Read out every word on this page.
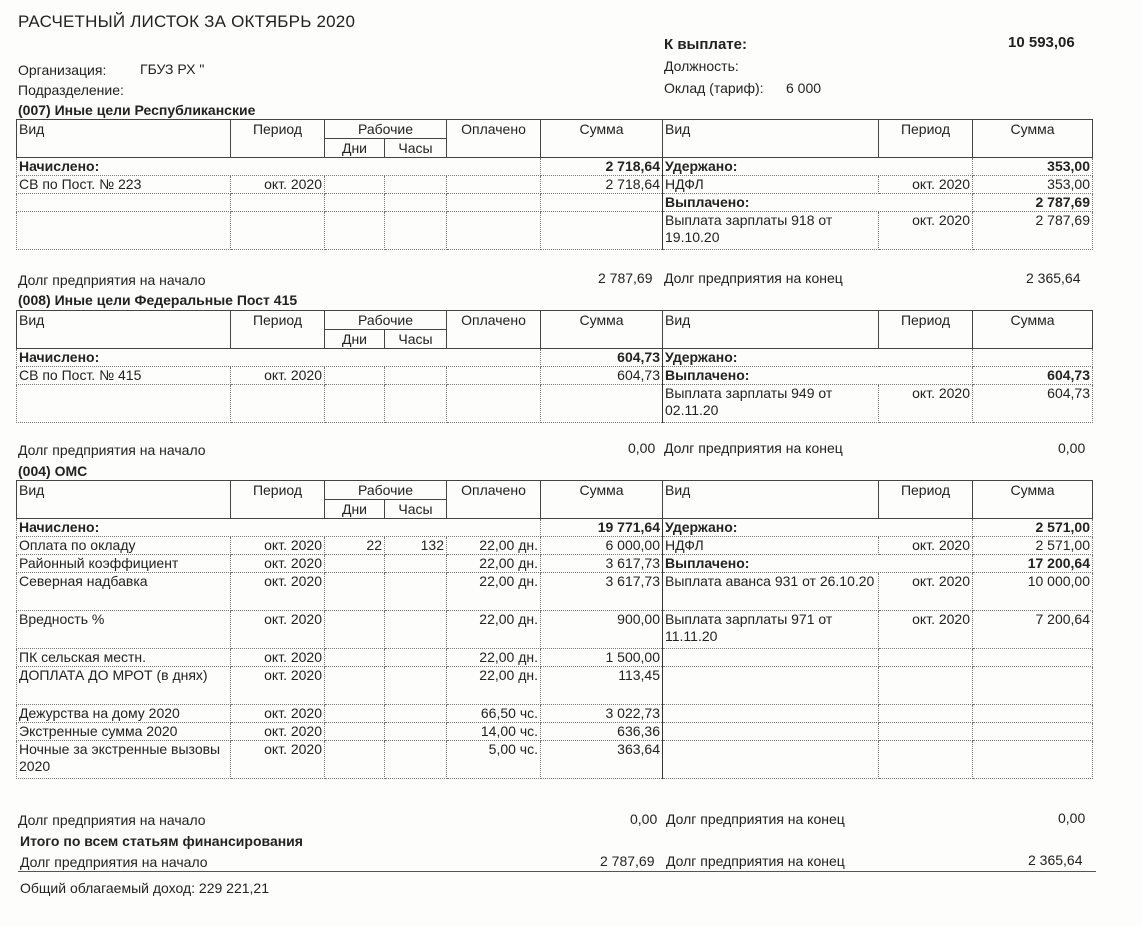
РАСЧЕТНЫЙ ЛИСТОК ЗА ОКТЯБРЬ 2020
К выплате:	10 593,06
Организация: ГБУЗ РХ "
Подразделение:
Должность:
Оклад (тариф): 6 000
(007) Иные цели Республиканские
Вид	Период	Рабочие		Оплачено	Сумма	Вид	Период	Сумма
		Дни	Часы					
Начислено:					2 718,64	Удержано:		353,00
СВ по Пост. № 223	окт. 2020				2 718,64	НДФЛ	окт. 2020	353,00
						Выплачено:		2 787,69
						Выплата зарплаты 918 от 19.10.20	окт. 2020	2 787,69
Долг предприятия на начало	2 787,69 Долг предприятия на конец	2 365,64
(008) Иные цели Федеральные Пост 415
Вид	Период	Рабочие		Оплачено	Сумма	Вид	Период	Сумма
		Дни	Часы					
Начислено:					604,73	Удержано:		
СВ по Пост. № 415	окт. 2020				604,73	Выплачено:		604,73
						Выплата зарплаты 949 от 02.11.20	окт. 2020	604,73
Долг предприятия на начало	0,00 Долг предприятия на конец	0,00
(004) ОМС
Вид	Период	Рабочие		Оплачено	Сумма	Вид	Период	Сумма
		Дни	Часы					
Начислено:					19 771,64	Удержано:		2 571,00
Оплата по окладу	окт. 2020	22	132	22,00 дн.	6 000,00	НДФЛ	окт. 2020	2 571,00
Районный коэффициент	окт. 2020			22,00 дн.	3 617,73	Выплачено:		17 200,64
Северная надбавка	окт. 2020			22,00 дн.	3 617,73	Выплата аванса 931 от 26.10.20	окт. 2020	10 000,00
Вредность %	окт. 2020			22,00 дн.	900,00	Выплата зарплаты 971 от 11.11.20	окт. 2020	7 200,64
ПК сельская местн.	окт. 2020			22,00 дн.	1 500,00			
ДОПЛАТА ДО МРОТ (в днях)	окт. 2020			22,00 дн.	113,45			
Дежурства на дому 2020	окт. 2020			66,50 чс.	3 022,73			
Экстренные сумма 2020	окт. 2020			14,00 чс.	636,36			
Ночные за экстренные вызовы 2020	окт. 2020			5,00 чс.	363,64			
Долг предприятия на начало	0,00 Долг предприятия на конец	0,00
Итого по всем статьям финансирования
Долг предприятия на начало	2 787,69 Долг предприятия на конец	2 365,64
Общий облагаемый доход: 229 221,21
